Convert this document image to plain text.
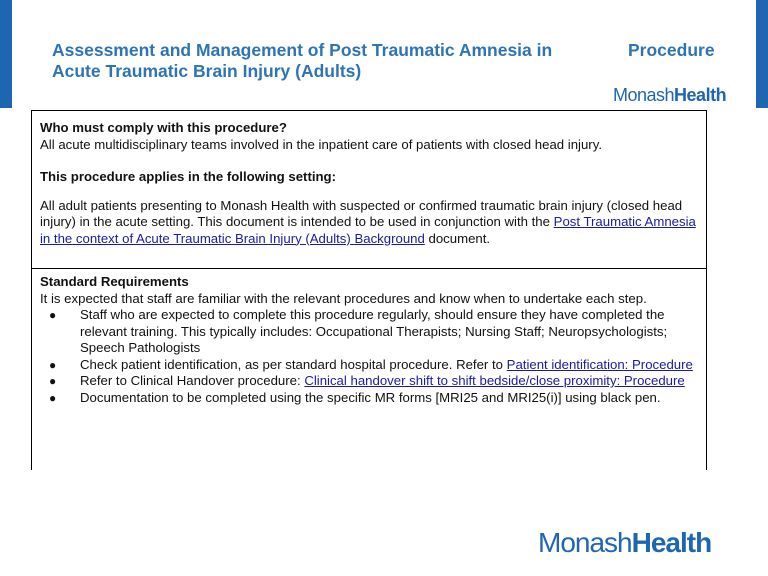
Assessment and Management of Post Traumatic Amnesia in Acute Traumatic Brain Injury (Adults)
Procedure
MonashHealth

Who must comply with this procedure?

All acute multidisciplinary teams involved in the inpatient care of patients with closed head injury.

This procedure applies in the following setting:

All adult patients presenting to Monash Health with suspected or confirmed traumatic brain injury (closed head injury) in the acute setting. This document is intended to be used in conjunction with the Post Traumatic Amnesia in the context of Acute Traumatic Brain Injury (Adults) Background document.

Standard Requirements

It is expected that staff are familiar with the relevant procedures and know when to undertake each step.

● Staff who are expected to complete this procedure regularly, should ensure they have completed the relevant training. This typically includes: Occupational Therapists; Nursing Staff; Neuropsychologists; Speech Pathologists
● Check patient identification, as per standard hospital procedure. Refer to Patient identification: Procedure
● Refer to Clinical Handover procedure: Clinical handover shift to shift bedside/close proximity: Procedure
● Documentation to be completed using the specific MR forms [MRI25 and MRI25(i)] using black pen.
MonashHealth
